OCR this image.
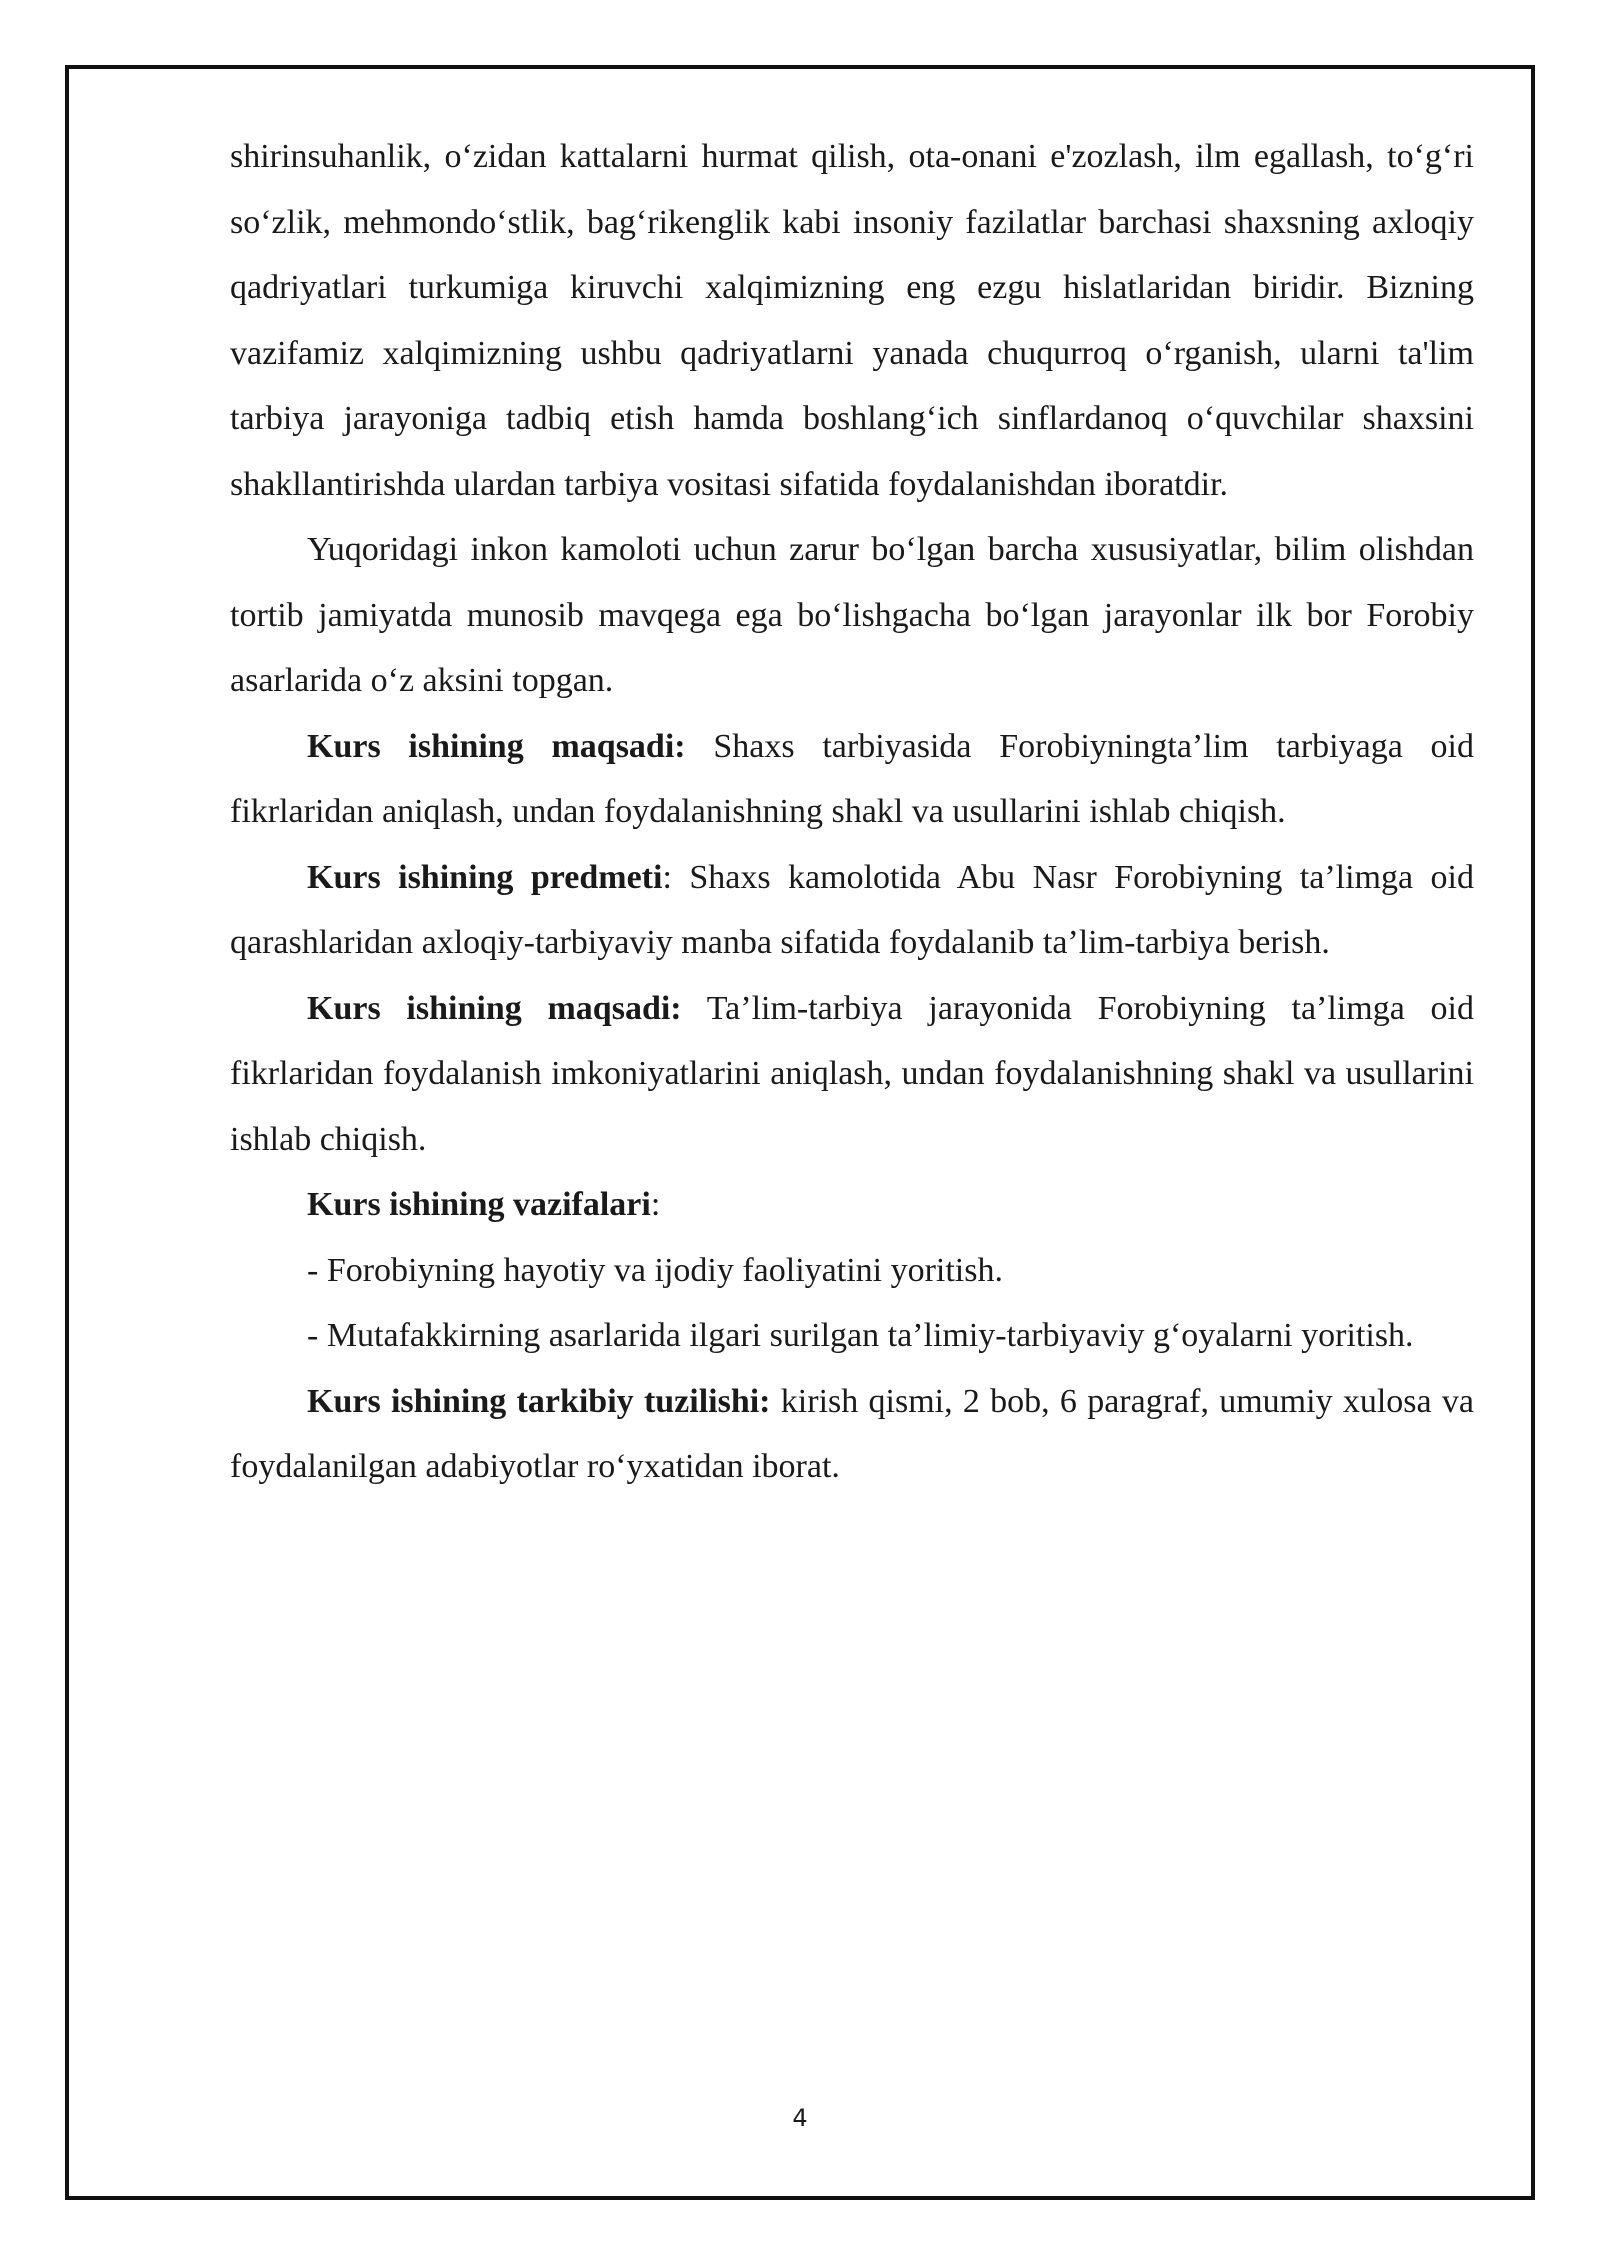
shirinsuhanlik, o‘zidan kattalarni hurmat qilish, ota-onani e'zozlash, ilm egallash, to‘g‘ri so‘zlik, mehmondo‘stlik, bag‘rikenglik kabi insoniy fazilatlar barchasi shaxsning axloqiy qadriyatlari turkumiga kiruvchi xalqimizning eng ezgu hislatlaridan biridir. Bizning vazifamiz xalqimizning ushbu qadriyatlarni yanada chuqurroq o‘rganish, ularni ta'lim tarbiya jarayoniga tadbiq etish hamda boshlang‘ich sinflardanoq o‘quvchilar shaxsini shakllantirishda ulardan tarbiya vositasi sifatida foydalanishdan iboratdir.

Yuqoridagi inkon kamoloti uchun zarur bo‘lgan barcha xususiyatlar, bilim olishdan tortib jamiyatda munosib mavqega ega bo‘lishgacha bo‘lgan jarayonlar ilk bor Forobiy asarlarida o‘z aksini topgan.

Kurs ishining maqsadi: Shaxs tarbiyasida Forobiyningta’lim tarbiyaga oid fikrlaridan aniqlash, undan foydalanishning shakl va usullarini ishlab chiqish.

Kurs ishining predmeti: Shaxs kamolotida Abu Nasr Forobiyning ta’limga oid qarashlaridan axloqiy-tarbiyaviy manba sifatida foydalanib ta’lim-tarbiya berish.

Kurs ishining maqsadi: Ta’lim-tarbiya jarayonida Forobiyning ta’limga oid fikrlaridan foydalanish imkoniyatlarini aniqlash, undan foydalanishning shakl va usullarini ishlab chiqish.

Kurs ishining vazifalari:

- Forobiyning hayotiy va ijodiy faoliyatini yoritish.

- Mutafakkirning asarlarida ilgari surilgan ta’limiy-tarbiyaviy g‘oyalarni yoritish.

Kurs ishining tarkibiy tuzilishi: kirish qismi, 2 bob, 6 paragraf, umumiy xulosa va foydalanilgan adabiyotlar ro‘yxatidan iborat.

4
